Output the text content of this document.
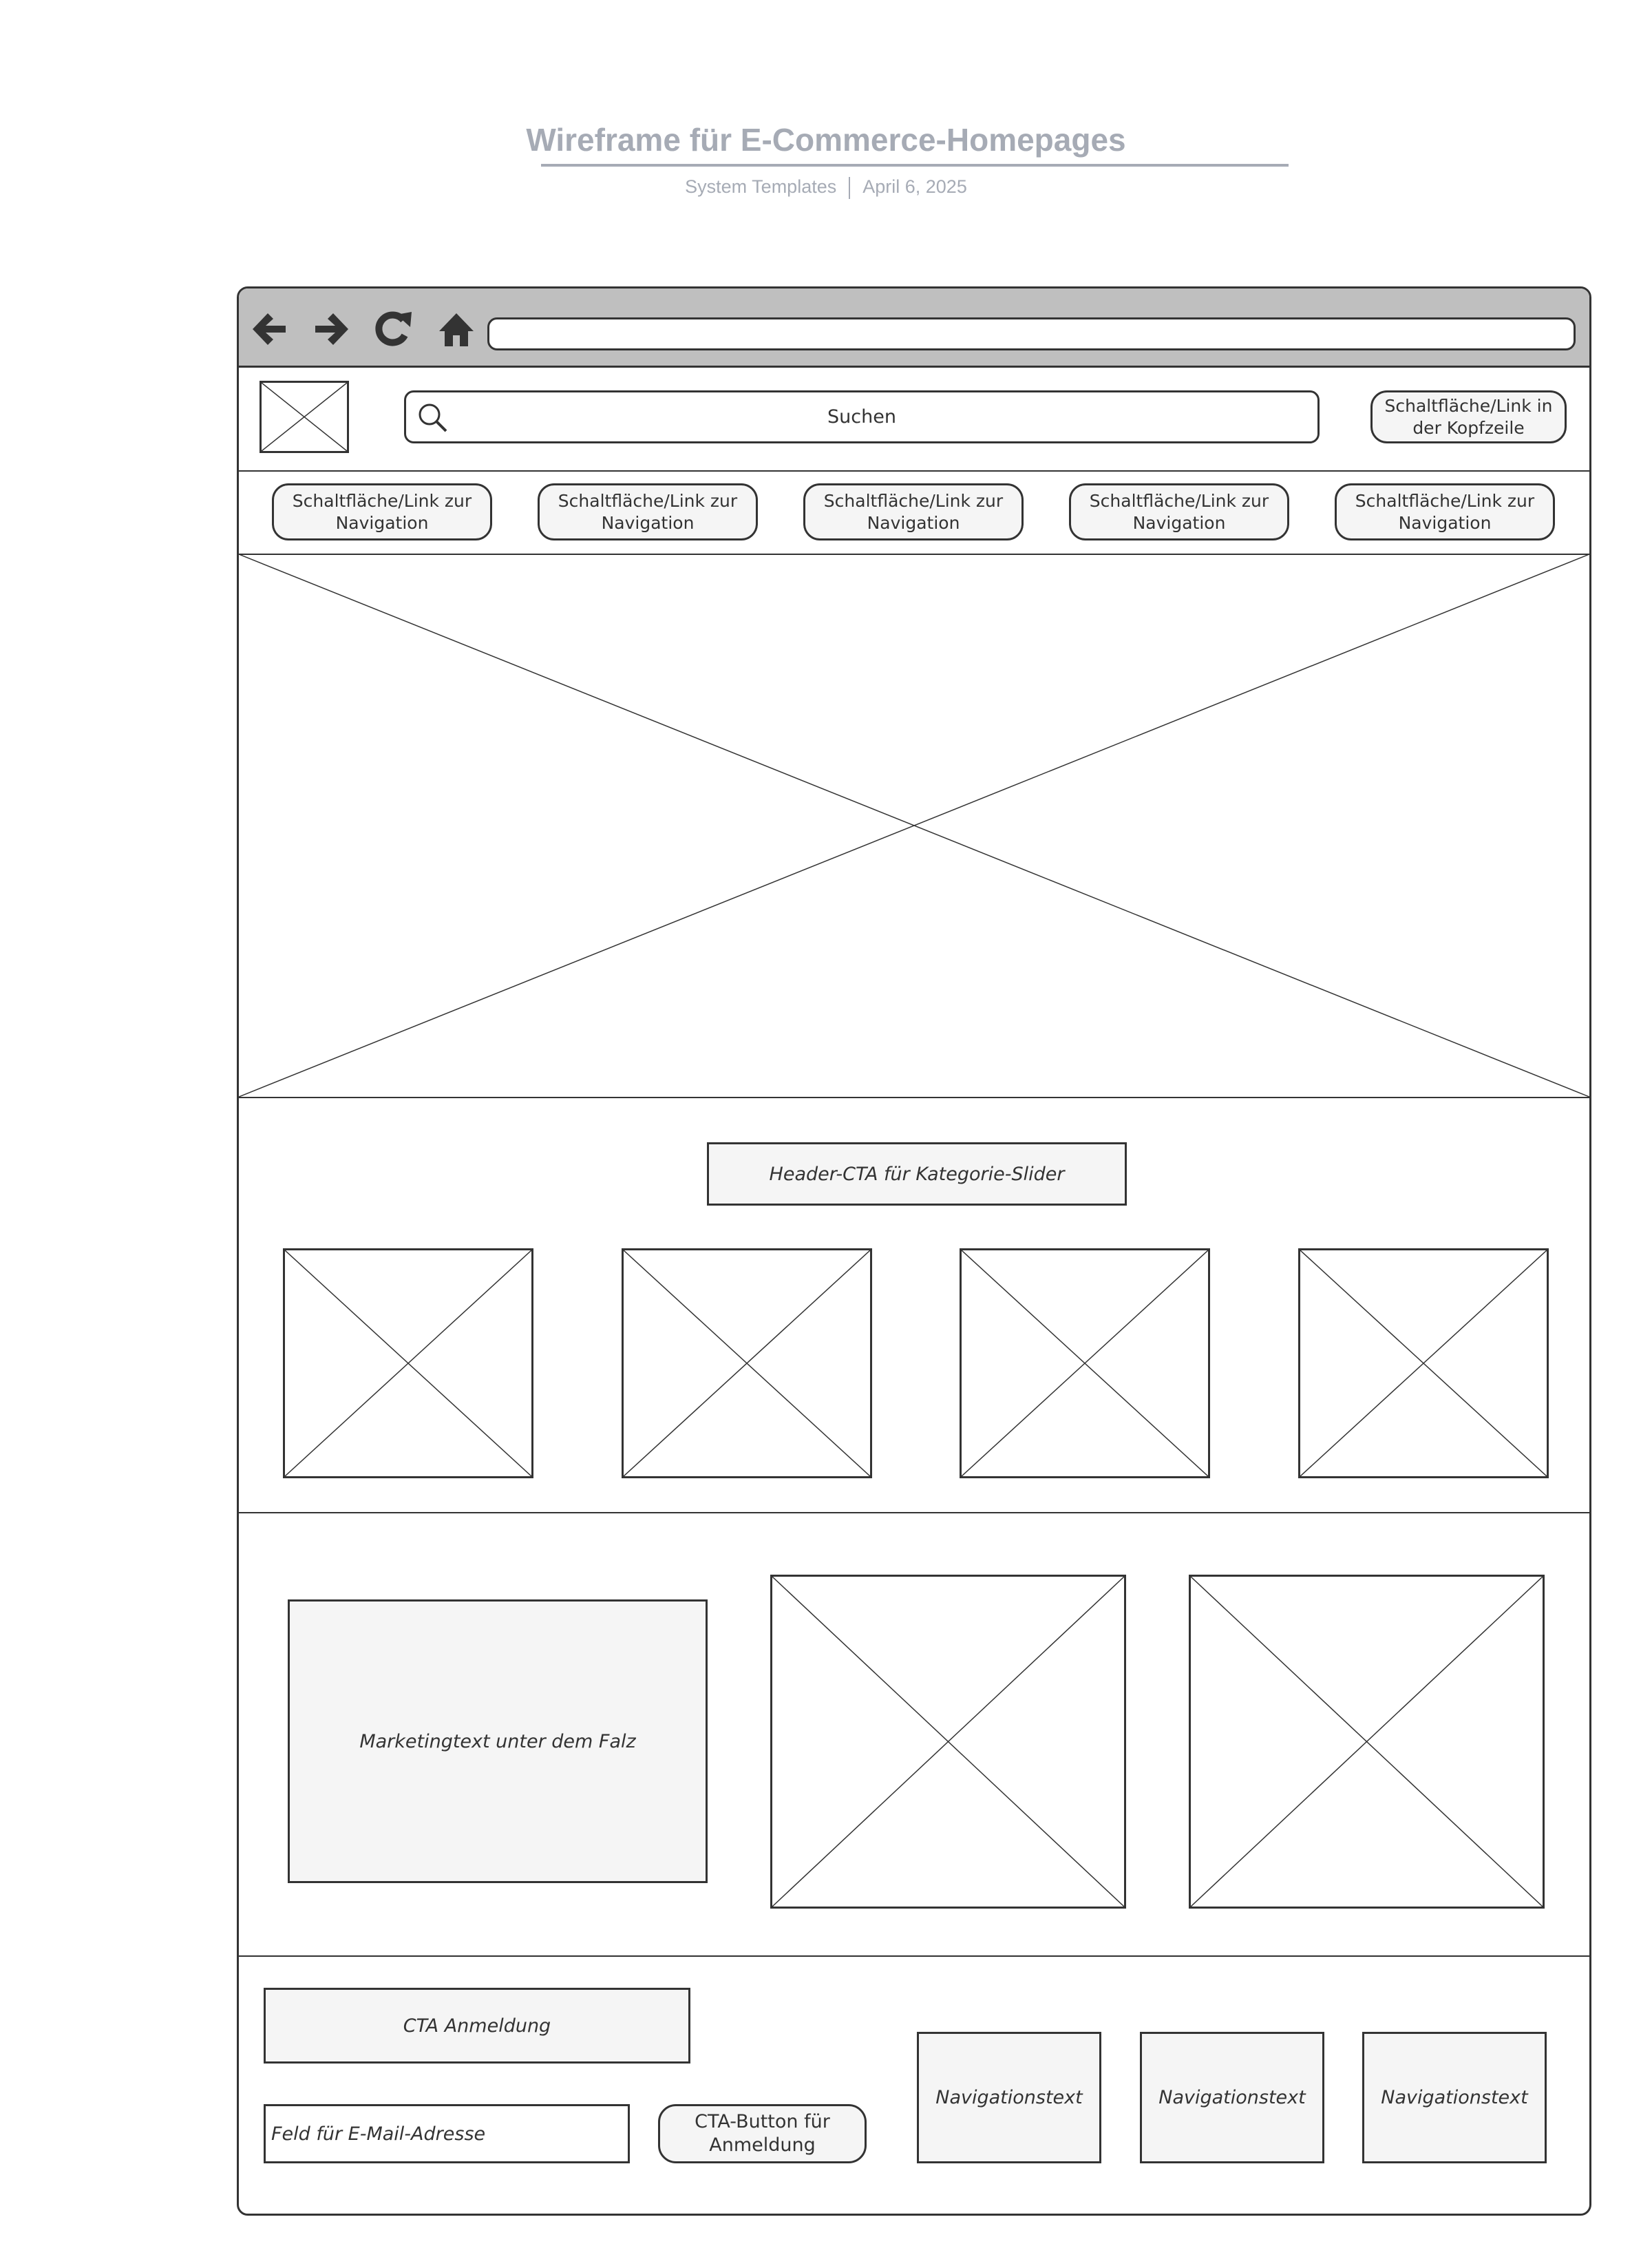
Wireframe für E-Commerce-Homepages
System Templates April 6, 2025
Suchen
Schaltfläche/Link in der Kopfzeile
Schaltfläche/Link zur Navigation
Schaltfläche/Link zur Navigation
Schaltfläche/Link zur Navigation
Schaltfläche/Link zur Navigation
Schaltfläche/Link zur Navigation
Header-CTA für Kategorie-Slider
Marketingtext unter dem Falz
CTA Anmeldung
Feld für E-Mail-Adresse
CTA-Button für Anmeldung
Navigationstext	Navigationstext	Navigationstext
